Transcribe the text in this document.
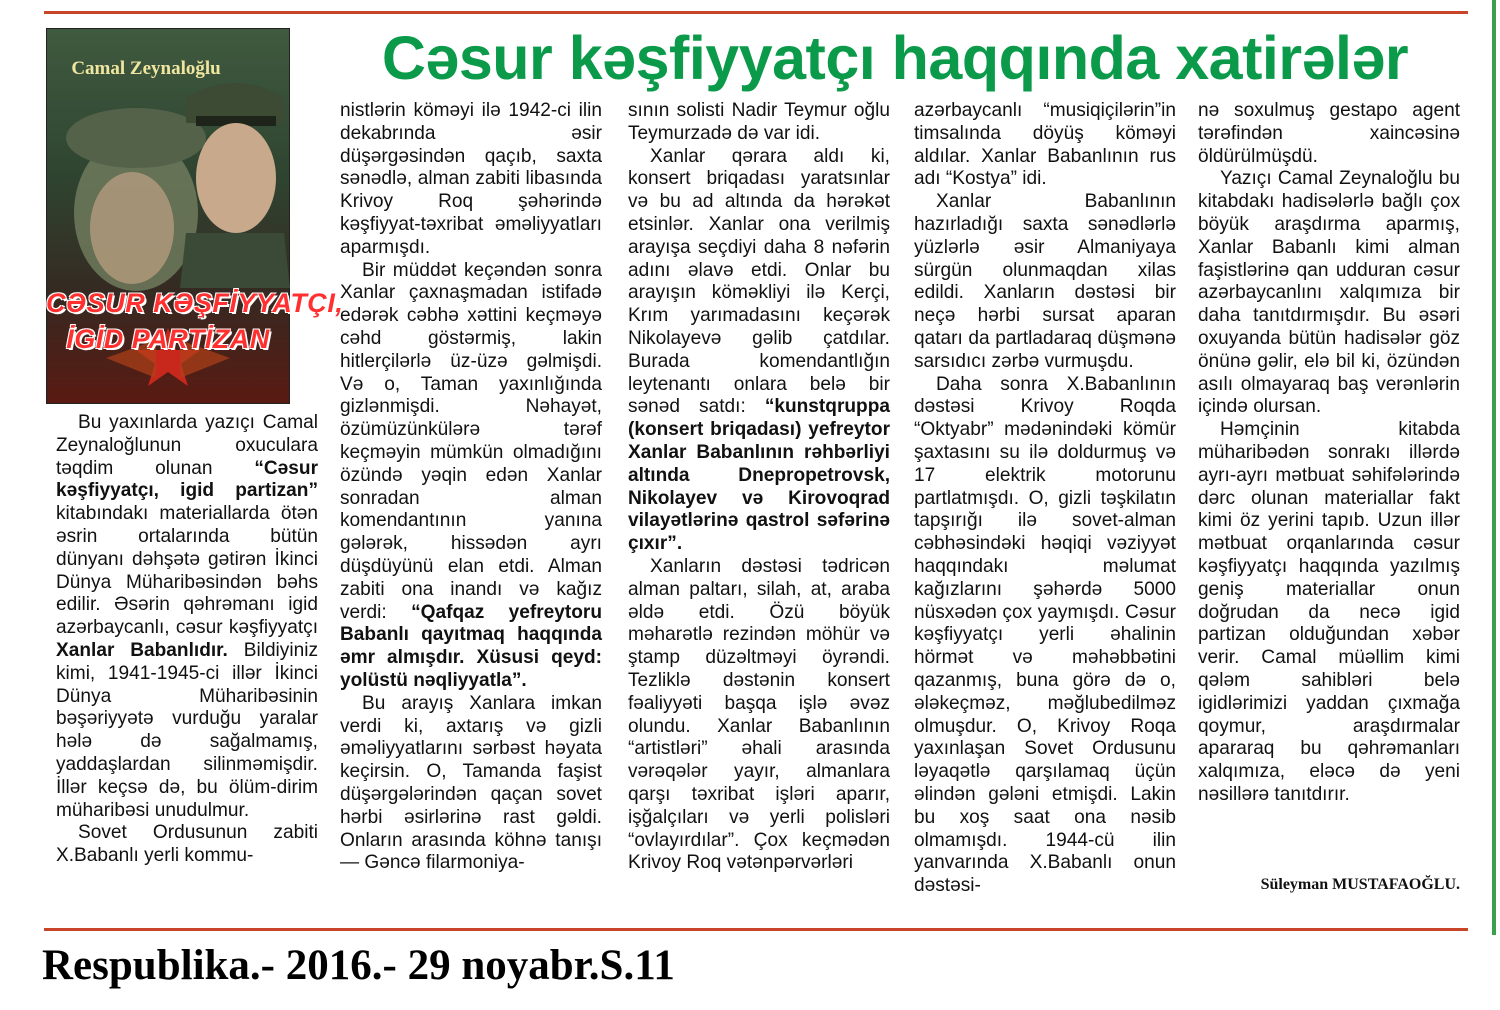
Cəsur kəşfiyyatçı haqqında xatirələr
Camal Zeynaloğlu
CƏSUR KƏŞFİYYATÇI,
İGİD PARTİZAN

Bu yaxınlarda yazıçı Camal Zeynaloğlunun oxuculara təqdim olunan “Cəsur kəşfiyyatçı, igid partizan” kitabındakı materiallarda ötən əsrin ortalarında bütün dünyanı dəhşətə gətirən İkinci Dünya Müharibəsindən bəhs edilir. Əsərin qəhrəmanı igid azərbaycanlı, cəsur kəşfiyyatçı Xanlar Babanlıdır. Bildiyiniz kimi, 1941-1945-ci illər İkinci Dünya Müharibəsinin bəşəriyyətə vurduğu yaralar hələ də sağalmamış, yaddaşlardan silinməmişdir. İllər keçsə də, bu ölüm-dirim müharibəsi unudulmur.

Sovet Ordusunun zabiti X.Babanlı yerli kommu-

nistlərin köməyi ilə 1942-ci ilin dekabrında əsir düşərgəsindən qaçıb, saxta sənədlə, alman zabiti libasında Krivoy Roq şəhərində kəşfiyyat-təxribat əməliyyatları aparmışdı.

Bir müddət keçəndən sonra Xanlar çaxnaşmadan istifadə edərək cəbhə xəttini keçməyə cəhd göstərmiş, lakin hitlerçilərlə üz-üzə gəlmişdi. Və o, Taman yaxınlığında gizlənmişdi. Nəhayət, özümüzünkülərə tərəf keçməyin mümkün olmadığını özündə yəqin edən Xanlar sonradan alman komendantının yanına gələrək, hissədən ayrı düşdüyünü elan etdi. Alman zabiti ona inandı və kağız verdi: “Qafqaz yefreytoru Babanlı qayıtmaq haqqında əmr almışdır. Xüsusi qeyd: yolüstü nəqliyyatla”.

Bu arayış Xanlara imkan verdi ki, axtarış və gizli əməliyyatlarını sərbəst həyata keçirsin. O, Tamanda faşist düşərgələrindən qaçan sovet hərbi əsirlərinə rast gəldi. Onların arasında köhnə tanışı — Gəncə filarmoniya-

sının solisti Nadir Teymur oğlu Teymurzadə də var idi.

Xanlar qərara aldı ki, konsert briqadası yaratsınlar və bu ad altında da hərəkət etsinlər. Xanlar ona verilmiş arayışa seçdiyi daha 8 nəfərin adını əlavə etdi. Onlar bu arayışın köməkliyi ilə Kerçi, Krım yarımadasını keçərək Nikolayevə gəlib çatdılar. Burada komendantlığın leytenantı onlara belə bir sənəd satdı: “kunstqruppa (konsert briqadası) yefreytor Xanlar Babanlının rəhbərliyi altında Dnepropetrovsk, Nikolayev və Kirovoqrad vilayətlərinə qastrol səfərinə çıxır”.

Xanların dəstəsi tədricən alman paltarı, silah, at, araba əldə etdi. Özü böyük məharətlə rezindən möhür və ştamp düzəltməyi öyrəndi. Tezliklə dəstənin konsert fəaliyyəti başqa işlə əvəz olundu. Xanlar Babanlının “artistləri” əhali arasında vərəqələr yayır, almanlara qarşı təxribat işləri aparır, işğalçıları və yerli polisləri “ovlayırdılar”. Çox keçmədən Krivoy Roq vətənpərvərləri

azərbaycanlı “musiqiçilərin”in timsalında döyüş köməyi aldılar. Xanlar Babanlının rus adı “Kostya” idi.

Xanlar Babanlının hazırladığı saxta sənədlərlə yüzlərlə əsir Almaniyaya sürgün olunmaqdan xilas edildi. Xanların dəstəsi bir neçə hərbi sursat aparan qatarı da partladaraq düşmənə sarsıdıcı zərbə vurmuşdu.

Daha sonra X.Babanlının dəstəsi Krivoy Roqda “Oktyabr” mədənindəki kömür şaxtasını su ilə doldurmuş və 17 elektrik motorunu partlatmışdı. O, gizli təşkilatın tapşırığı ilə sovet-alman cəbhəsindəki həqiqi vəziyyət haqqındakı məlumat kağızlarını şəhərdə 5000 nüsxədən çox yaymışdı. Cəsur kəşfiyyatçı yerli əhalinin hörmət və məhəbbətini qazanmış, buna görə də o, ələkeçməz, məğlubedilməz olmuşdur. O, Krivoy Roqa yaxınlaşan Sovet Ordusunu ləyaqətlə qarşılamaq üçün əlindən gələni etmişdi. Lakin bu xoş saat ona nəsib olmamışdı. 1944-cü ilin yanvarında X.Babanlı onun dəstəsi-

nə soxulmuş gestapo agent tərəfindən xaincəsinə öldürülmüşdü.

Yazıçı Camal Zeynaloğlu bu kitabdakı hadisələrlə bağlı çox böyük araşdırma aparmış, Xanlar Babanlı kimi alman faşistlərinə qan udduran cəsur azərbaycanlını xalqımıza bir daha tanıtdırmışdır. Bu əsəri oxuyanda bütün hadisələr göz önünə gəlir, elə bil ki, özündən asılı olmayaraq baş verənlərin içində olursan.

Həmçinin kitabda müharibədən sonrakı illərdə ayrı-ayrı mətbuat səhifələrində dərc olunan materiallar fakt kimi öz yerini tapıb. Uzun illər mətbuat orqanlarında cəsur kəşfiyyatçı haqqında yazılmış geniş materiallar onun doğrudan da necə igid partizan olduğundan xəbər verir. Camal müəllim kimi qələm sahibləri belə igidlərimizi yaddan çıxmağa qoymur, araşdırmalar apararaq bu qəhrəmanları xalqımıza, eləcə də yeni nəsillərə tanıtdırır.

Süleyman MUSTAFAOĞLU.
Respublika.- 2016.- 29 noyabr.S.11
